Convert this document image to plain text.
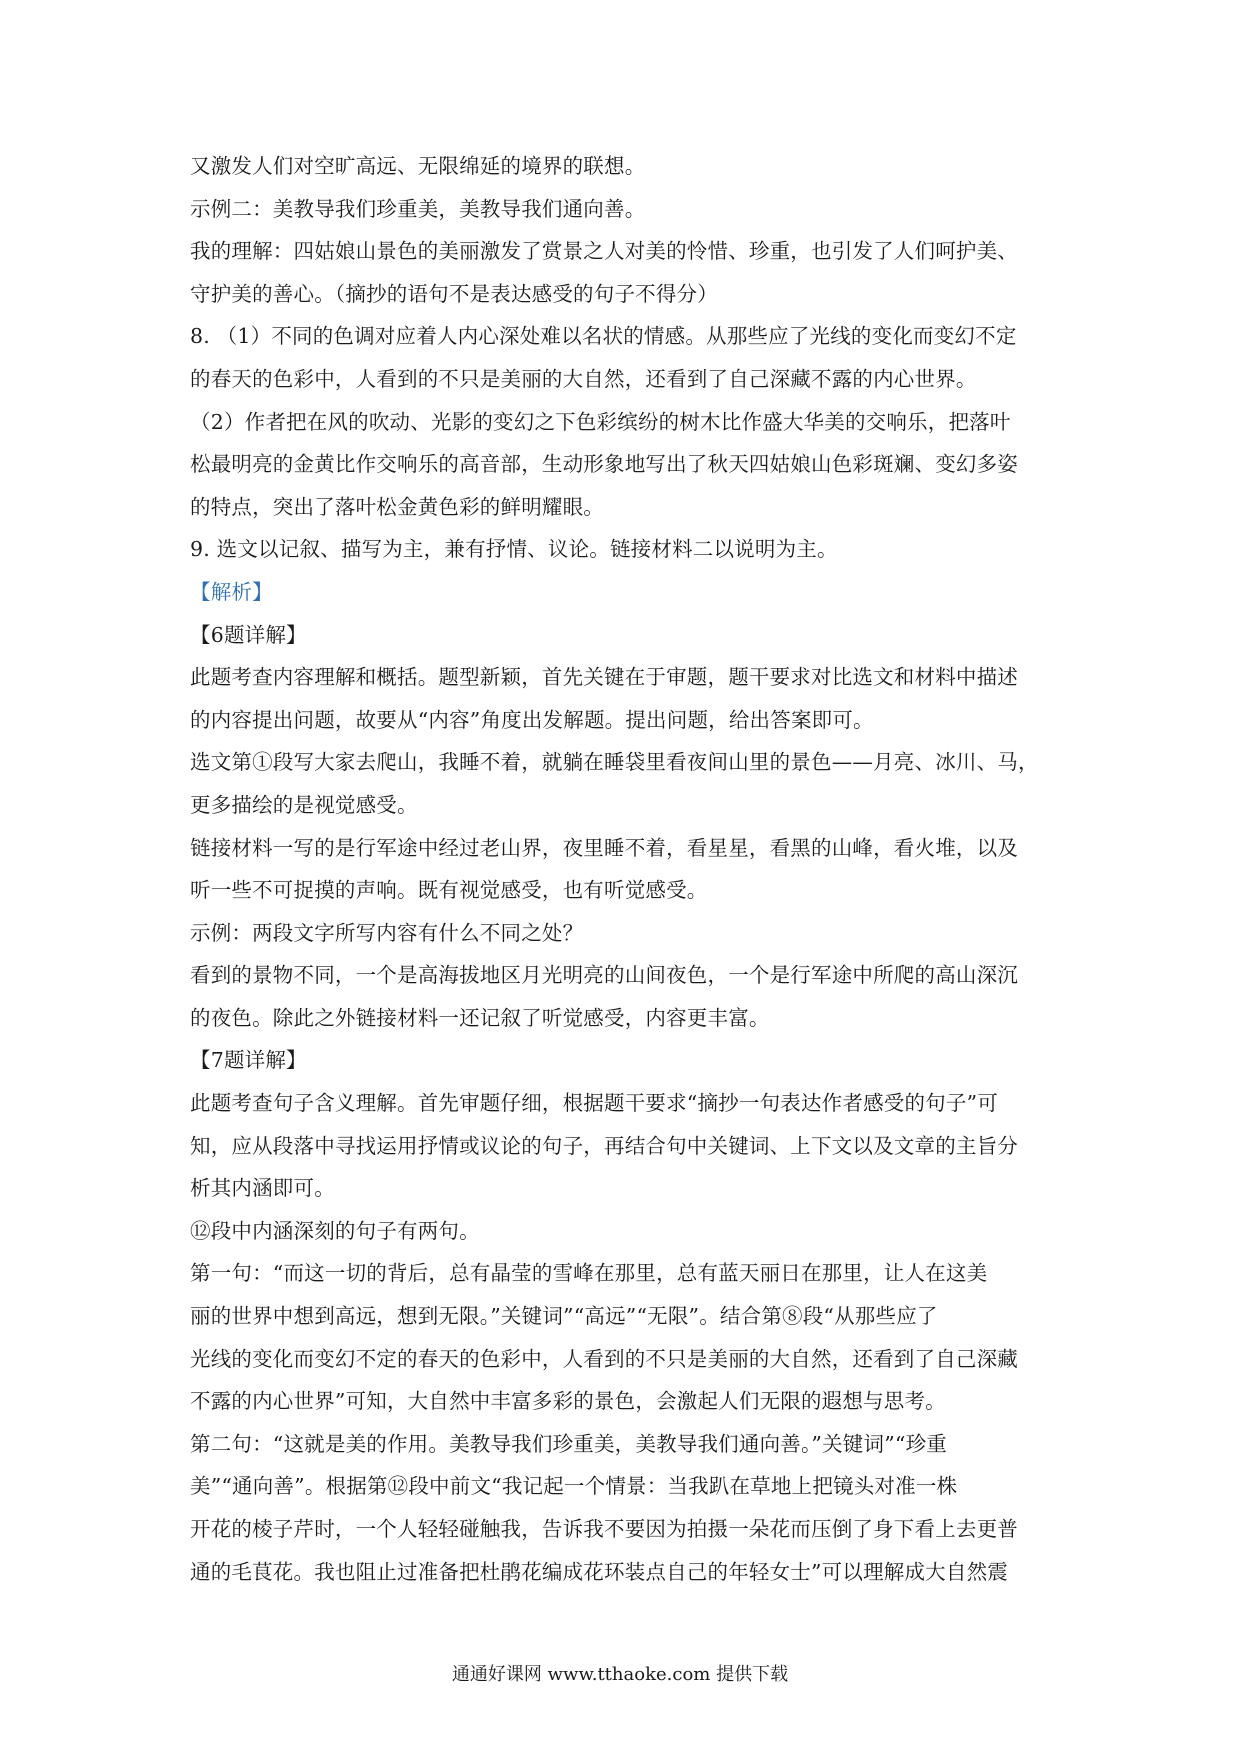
又激发人们对空旷高远、无限绵延的境界的联想。
示例二：美教导我们珍重美，美教导我们通向善。
我的理解：四姑娘山景色的美丽激发了赏景之人对美的怜惜、珍重，也引发了人们呵护美、
守护美的善心。（摘抄的语句不是表达感受的句子不得分）
8. （1）不同的色调对应着人内心深处难以名状的情感。从那些应了光线的变化而变幻不定
的春天的色彩中，人看到的不只是美丽的大自然，还看到了自己深藏不露的内心世界。
（2）作者把在风的吹动、光影的变幻之下色彩缤纷的树木比作盛大华美的交响乐，把落叶
松最明亮的金黄比作交响乐的高音部，生动形象地写出了秋天四姑娘山色彩斑斓、变幻多姿
的特点，突出了落叶松金黄色彩的鲜明耀眼。
9. 选文以记叙、描写为主，兼有抒情、议论。链接材料二以说明为主。
【解析】
【6题详解】
此题考查内容理解和概括。题型新颖，首先关键在于审题，题干要求对比选文和材料中描述
的内容提出问题，故要从“内容”角度出发解题。提出问题，给出答案即可。
选文第①段写大家去爬山，我睡不着，就躺在睡袋里看夜间山里的景色——月亮、冰川、马，
更多描绘的是视觉感受。
链接材料一写的是行军途中经过老山界，夜里睡不着，看星星，看黑的山峰，看火堆，以及
听一些不可捉摸的声响。既有视觉感受，也有听觉感受。
示例：两段文字所写内容有什么不同之处？
看到的景物不同，一个是高海拔地区月光明亮的山间夜色，一个是行军途中所爬的高山深沉
的夜色。除此之外链接材料一还记叙了听觉感受，内容更丰富。
【7题详解】
此题考查句子含义理解。首先审题仔细，根据题干要求“摘抄一句表达作者感受的句子”可
知，应从段落中寻找运用抒情或议论的句子，再结合句中关键词、上下文以及文章的主旨分
析其内涵即可。
⑫段中内涵深刻的句子有两句。
第一句：“而这一切的背后，总有晶莹的雪峰在那里，总有蓝天丽日在那里，让人在这美
丽的世界中想到高远，想到无限。”关键词”“高远”“无限”。结合第⑧段“从那些应了
光线的变化而变幻不定的春天的色彩中，人看到的不只是美丽的大自然，还看到了自己深藏
不露的内心世界”可知，大自然中丰富多彩的景色，会激起人们无限的遐想与思考。
第二句：“这就是美的作用。美教导我们珍重美，美教导我们通向善。”关键词”“珍重
美”“通向善”。根据第⑫段中前文“我记起一个情景：当我趴在草地上把镜头对准一株
开花的棱子芹时，一个人轻轻碰触我，告诉我不要因为拍摄一朵花而压倒了身下看上去更普
通的毛茛花。我也阻止过准备把杜鹃花编成花环装点自己的年轻女士”可以理解成大自然震
通通好课网 www.tthaoke.com 提供下载
